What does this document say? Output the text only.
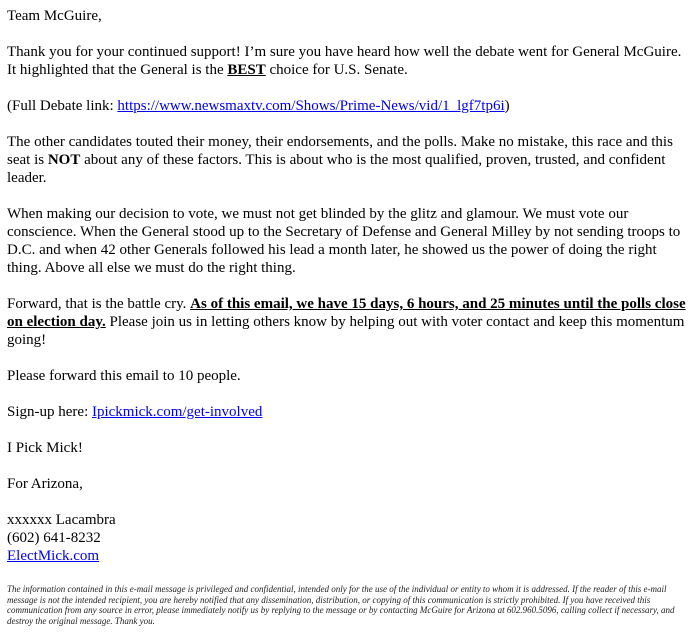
Team McGuire,

Thank you for your continued support! I’m sure you have heard how well the debate went for General McGuire. It highlighted that the General is the BEST choice for U.S. Senate.

(Full Debate link: https://www.newsmaxtv.com/Shows/Prime-News/vid/1_lgf7tp6i)

The other candidates touted their money, their endorsements, and the polls. Make no mistake, this race and this seat is NOT about any of these factors. This is about who is the most qualified, proven, trusted, and confident leader.

When making our decision to vote, we must not get blinded by the glitz and glamour. We must vote our conscience. When the General stood up to the Secretary of Defense and General Milley by not sending troops to D.C. and when 42 other Generals followed his lead a month later, he showed us the power of doing the right thing. Above all else we must do the right thing.

Forward, that is the battle cry. As of this email, we have 15 days, 6 hours, and 25 minutes until the polls close on election day. Please join us in letting others know by helping out with voter contact and keep this momentum going!

Please forward this email to 10 people.

Sign-up here: Ipickmick.com/get-involved

I Pick Mick!

For Arizona,

xxxxxx Lacambra
(602) 641-8232
ElectMick.com

The information contained in this e-mail message is privileged and confidential, intended only for the use of the individual or entity to whom it is addressed. If the reader of this e-mail message is not the intended recipient, you are hereby notified that any dissemination, distribution, or copying of this communication is strictly prohibited. If you have received this communication from any source in error, please immediately notify us by replying to the message or by contacting McGuire for Arizona at 602.960.5096, calling collect if necessary, and destroy the original message. Thank you.
